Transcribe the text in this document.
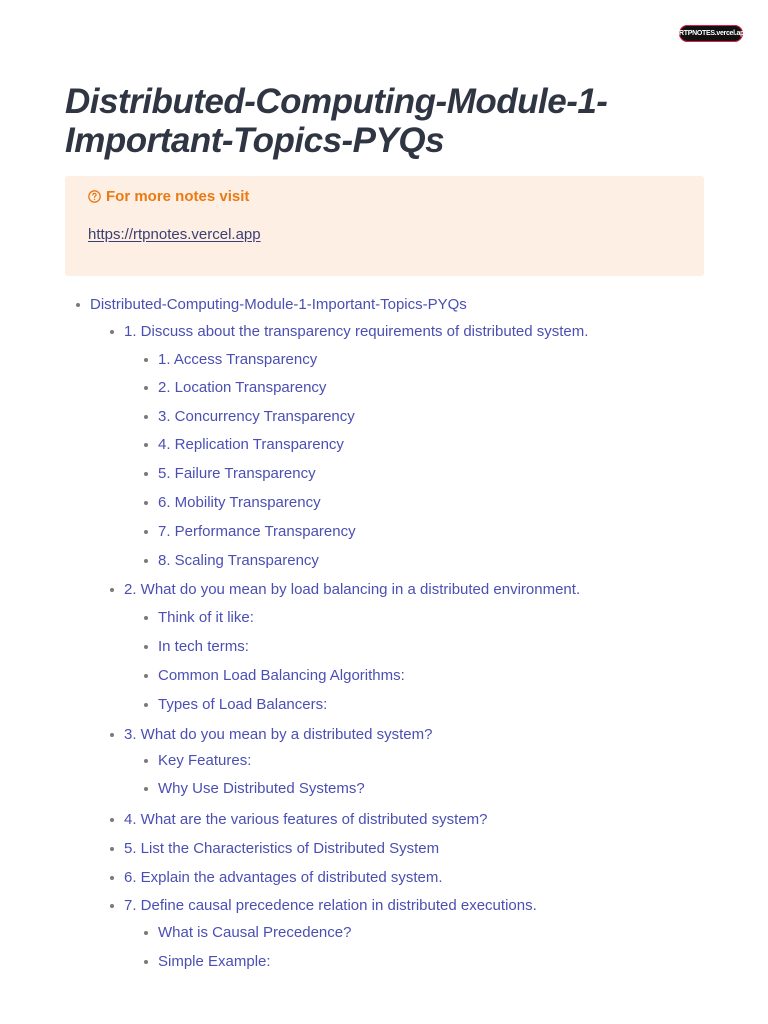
RTPNOTES.vercel.app
Distributed-Computing-Module-1-Important-Topics-PYQs
For more notes visit
https://rtpnotes.vercel.app
Distributed-Computing-Module-1-Important-Topics-PYQs
1. Discuss about the transparency requirements of distributed system.
1. Access Transparency
2. Location Transparency
3. Concurrency Transparency
4. Replication Transparency
5. Failure Transparency
6. Mobility Transparency
7. Performance Transparency
8. Scaling Transparency
2. What do you mean by load balancing in a distributed environment.
Think of it like:
In tech terms:
Common Load Balancing Algorithms:
Types of Load Balancers:
3. What do you mean by a distributed system?
Key Features:
Why Use Distributed Systems?
4. What are the various features of distributed system?
5. List the Characteristics of Distributed System
6. Explain the advantages of distributed system.
7. Define causal precedence relation in distributed executions.
What is Causal Precedence?
Simple Example:
